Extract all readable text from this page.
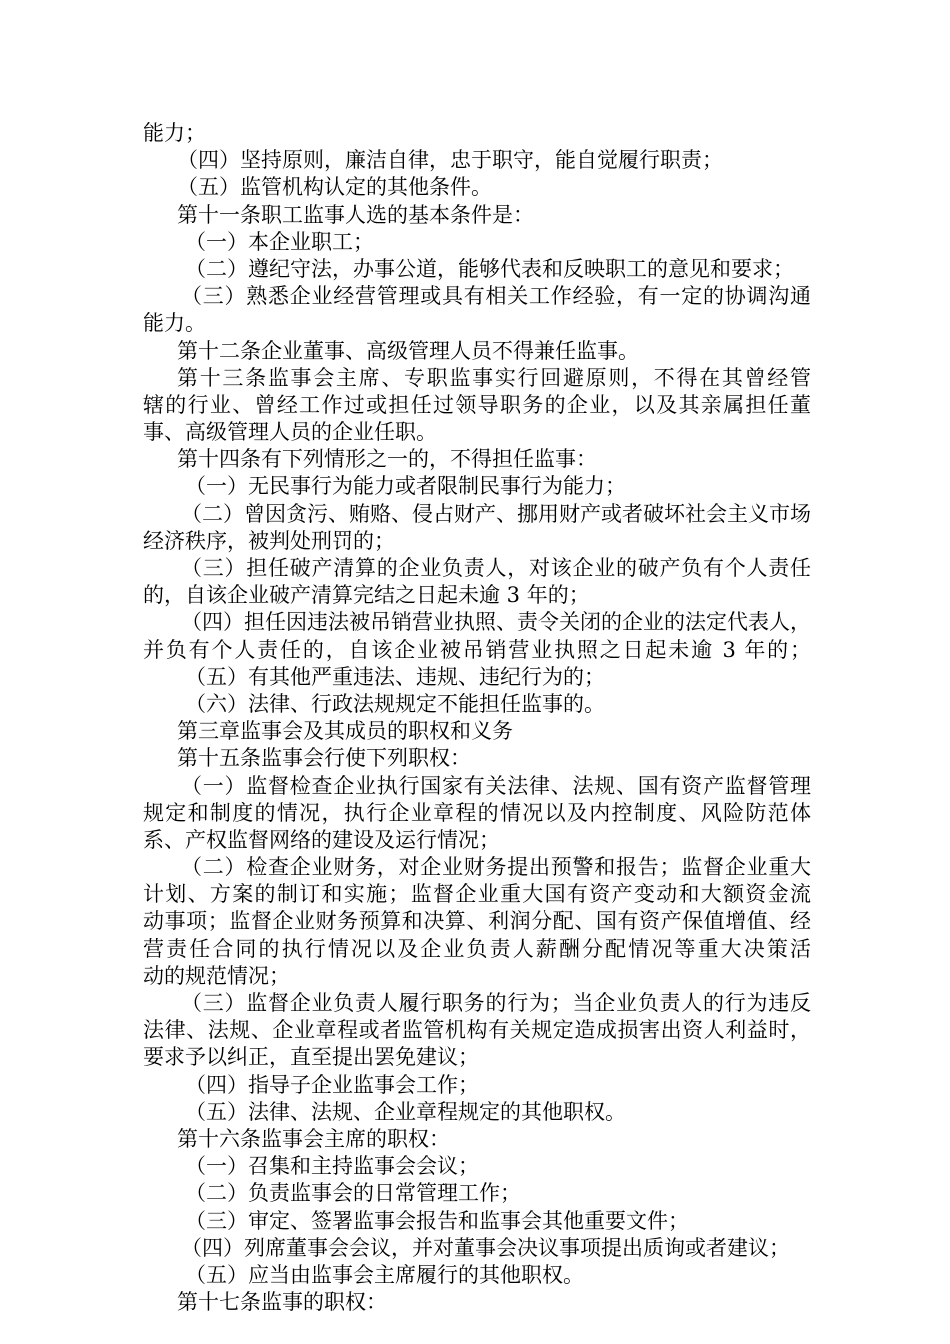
能力；
（四）坚持原则，廉洁自律，忠于职守，能自觉履行职责；
（五）监管机构认定的其他条件。
第十一条职工监事人选的基本条件是：
（一）本企业职工；
（二）遵纪守法，办事公道，能够代表和反映职工的意见和要求；
（三）熟悉企业经营管理或具有相关工作经验，有一定的协调沟通
能力。
第十二条企业董事、高级管理人员不得兼任监事。
第十三条监事会主席、专职监事实行回避原则，不得在其曾经管
辖的行业、曾经工作过或担任过领导职务的企业，以及其亲属担任董
事、高级管理人员的企业任职。
第十四条有下列情形之一的，不得担任监事：
（一）无民事行为能力或者限制民事行为能力；
（二）曾因贪污、贿赂、侵占财产、挪用财产或者破坏社会主义市场
经济秩序，被判处刑罚的；
（三）担任破产清算的企业负责人，对该企业的破产负有个人责任
的，自该企业破产清算完结之日起未逾 3 年的；
（四）担任因违法被吊销营业执照、责令关闭的企业的法定代表人，
并负有个人责任的，自该企业被吊销营业执照之日起未逾 3 年的；
（五）有其他严重违法、违规、违纪行为的；
（六）法律、行政法规规定不能担任监事的。
第三章监事会及其成员的职权和义务
第十五条监事会行使下列职权：
（一）监督检查企业执行国家有关法律、法规、国有资产监督管理
规定和制度的情况，执行企业章程的情况以及内控制度、风险防范体
系、产权监督网络的建设及运行情况；
（二）检查企业财务，对企业财务提出预警和报告；监督企业重大
计划、方案的制订和实施；监督企业重大国有资产变动和大额资金流
动事项；监督企业财务预算和决算、利润分配、国有资产保值增值、经
营责任合同的执行情况以及企业负责人薪酬分配情况等重大决策活
动的规范情况；
（三）监督企业负责人履行职务的行为；当企业负责人的行为违反
法律、法规、企业章程或者监管机构有关规定造成损害出资人利益时，
要求予以纠正，直至提出罢免建议；
（四）指导子企业监事会工作；
（五）法律、法规、企业章程规定的其他职权。
第十六条监事会主席的职权：
（一）召集和主持监事会会议；
（二）负责监事会的日常管理工作；
（三）审定、签署监事会报告和监事会其他重要文件；
（四）列席董事会会议，并对董事会决议事项提出质询或者建议；
（五）应当由监事会主席履行的其他职权。
第十七条监事的职权：
